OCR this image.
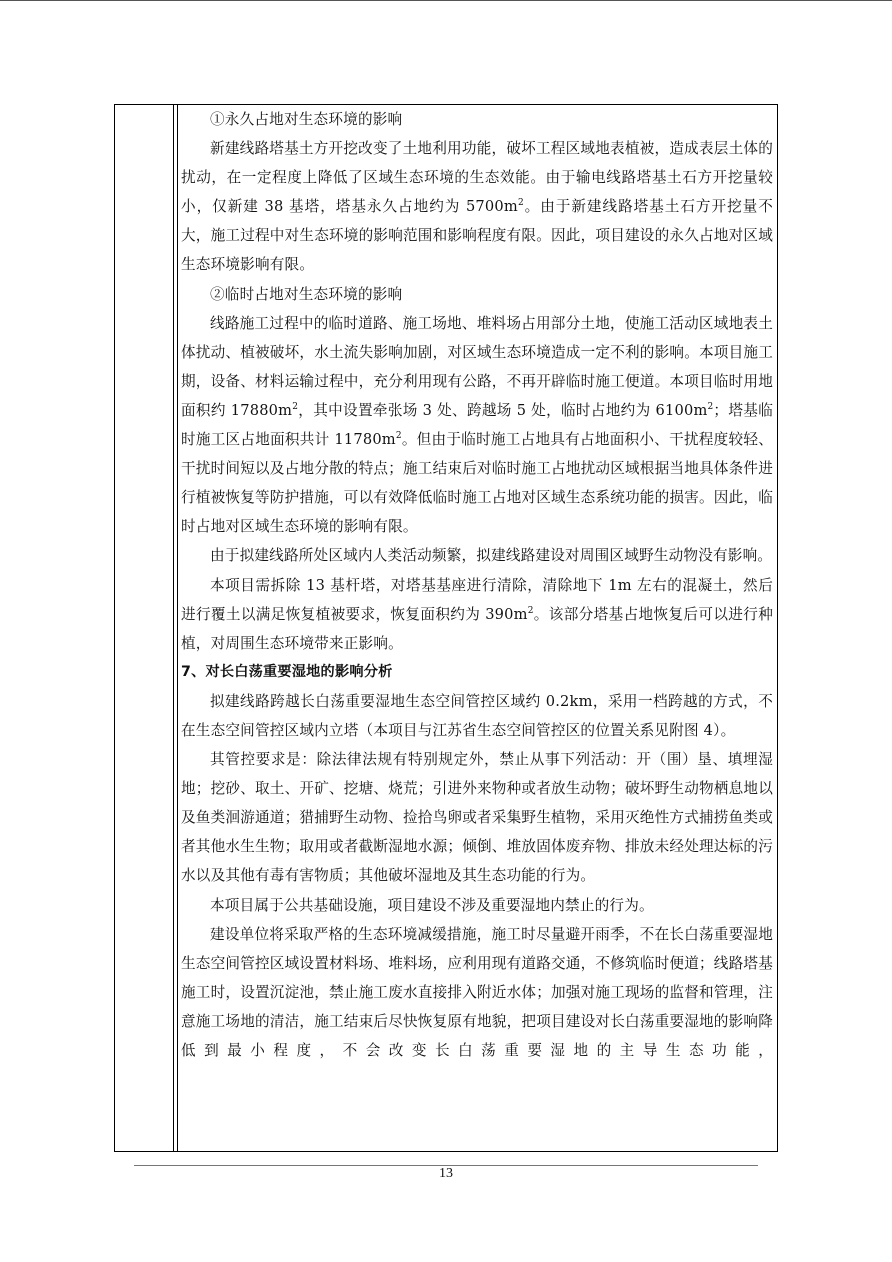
①永久占地对生态环境的影响

新建线路塔基土方开挖改变了土地利用功能，破坏工程区域地表植被，造成表层土体的扰动，在一定程度上降低了区域生态环境的生态效能。由于输电线路塔基土石方开挖量较小，仅新建 38 基塔，塔基永久占地约为 $5700m^2$。由于新建线路塔基土石方开挖量不大，施工过程中对生态环境的影响范围和影响程度有限。因此，项目建设的永久占地对区域生态环境影响有限。

②临时占地对生态环境的影响

线路施工过程中的临时道路、施工场地、堆料场占用部分土地，使施工活动区域地表土体扰动、植被破坏，水土流失影响加剧，对区域生态环境造成一定不利的影响。本项目施工期，设备、材料运输过程中，充分利用现有公路，不再开辟临时施工便道。本项目临时用地面积约 $17880m^2$，其中设置牵张场 3 处、跨越场 5 处，临时占地约为 $6100m^2$；塔基临时施工区占地面积共计 $11780m^2$。但由于临时施工占地具有占地面积小、干扰程度较轻、干扰时间短以及占地分散的特点；施工结束后对临时施工占地扰动区域根据当地具体条件进行植被恢复等防护措施，可以有效降低临时施工占地对区域生态系统功能的损害。因此，临时占地对区域生态环境的影响有限。

由于拟建线路所处区域内人类活动频繁，拟建线路建设对周围区域野生动物没有影响。

本项目需拆除 13 基杆塔，对塔基基座进行清除，清除地下 1m 左右的混凝土，然后进行覆土以满足恢复植被要求，恢复面积约为 $390m^2$。该部分塔基占地恢复后可以进行种植，对周围生态环境带来正影响。

7、对长白荡重要湿地的影响分析

拟建线路跨越长白荡重要湿地生态空间管控区域约 0.2km，采用一档跨越的方式，不在生态空间管控区域内立塔（本项目与江苏省生态空间管控区的位置关系见附图 4）。

其管控要求是：除法律法规有特别规定外，禁止从事下列活动：开（围）垦、填埋湿地；挖砂、取土、开矿、挖塘、烧荒；引进外来物种或者放生动物；破坏野生动物栖息地以及鱼类洄游通道；猎捕野生动物、捡拾鸟卵或者采集野生植物，采用灭绝性方式捕捞鱼类或者其他水生生物；取用或者截断湿地水源；倾倒、堆放固体废弃物、排放未经处理达标的污水以及其他有毒有害物质；其他破坏湿地及其生态功能的行为。

本项目属于公共基础设施，项目建设不涉及重要湿地内禁止的行为。

建设单位将采取严格的生态环境减缓措施，施工时尽量避开雨季，不在长白荡重要湿地生态空间管控区域设置材料场、堆料场，应利用现有道路交通，不修筑临时便道；线路塔基施工时，设置沉淀池，禁止施工废水直接排入附近水体；加强对施工现场的监督和管理，注意施工场地的清洁，施工结束后尽快恢复原有地貌，把项目建设对长白荡重要湿地的影响降低到最小程度，不会改变长白荡重要湿地的主导生态功能，

13
